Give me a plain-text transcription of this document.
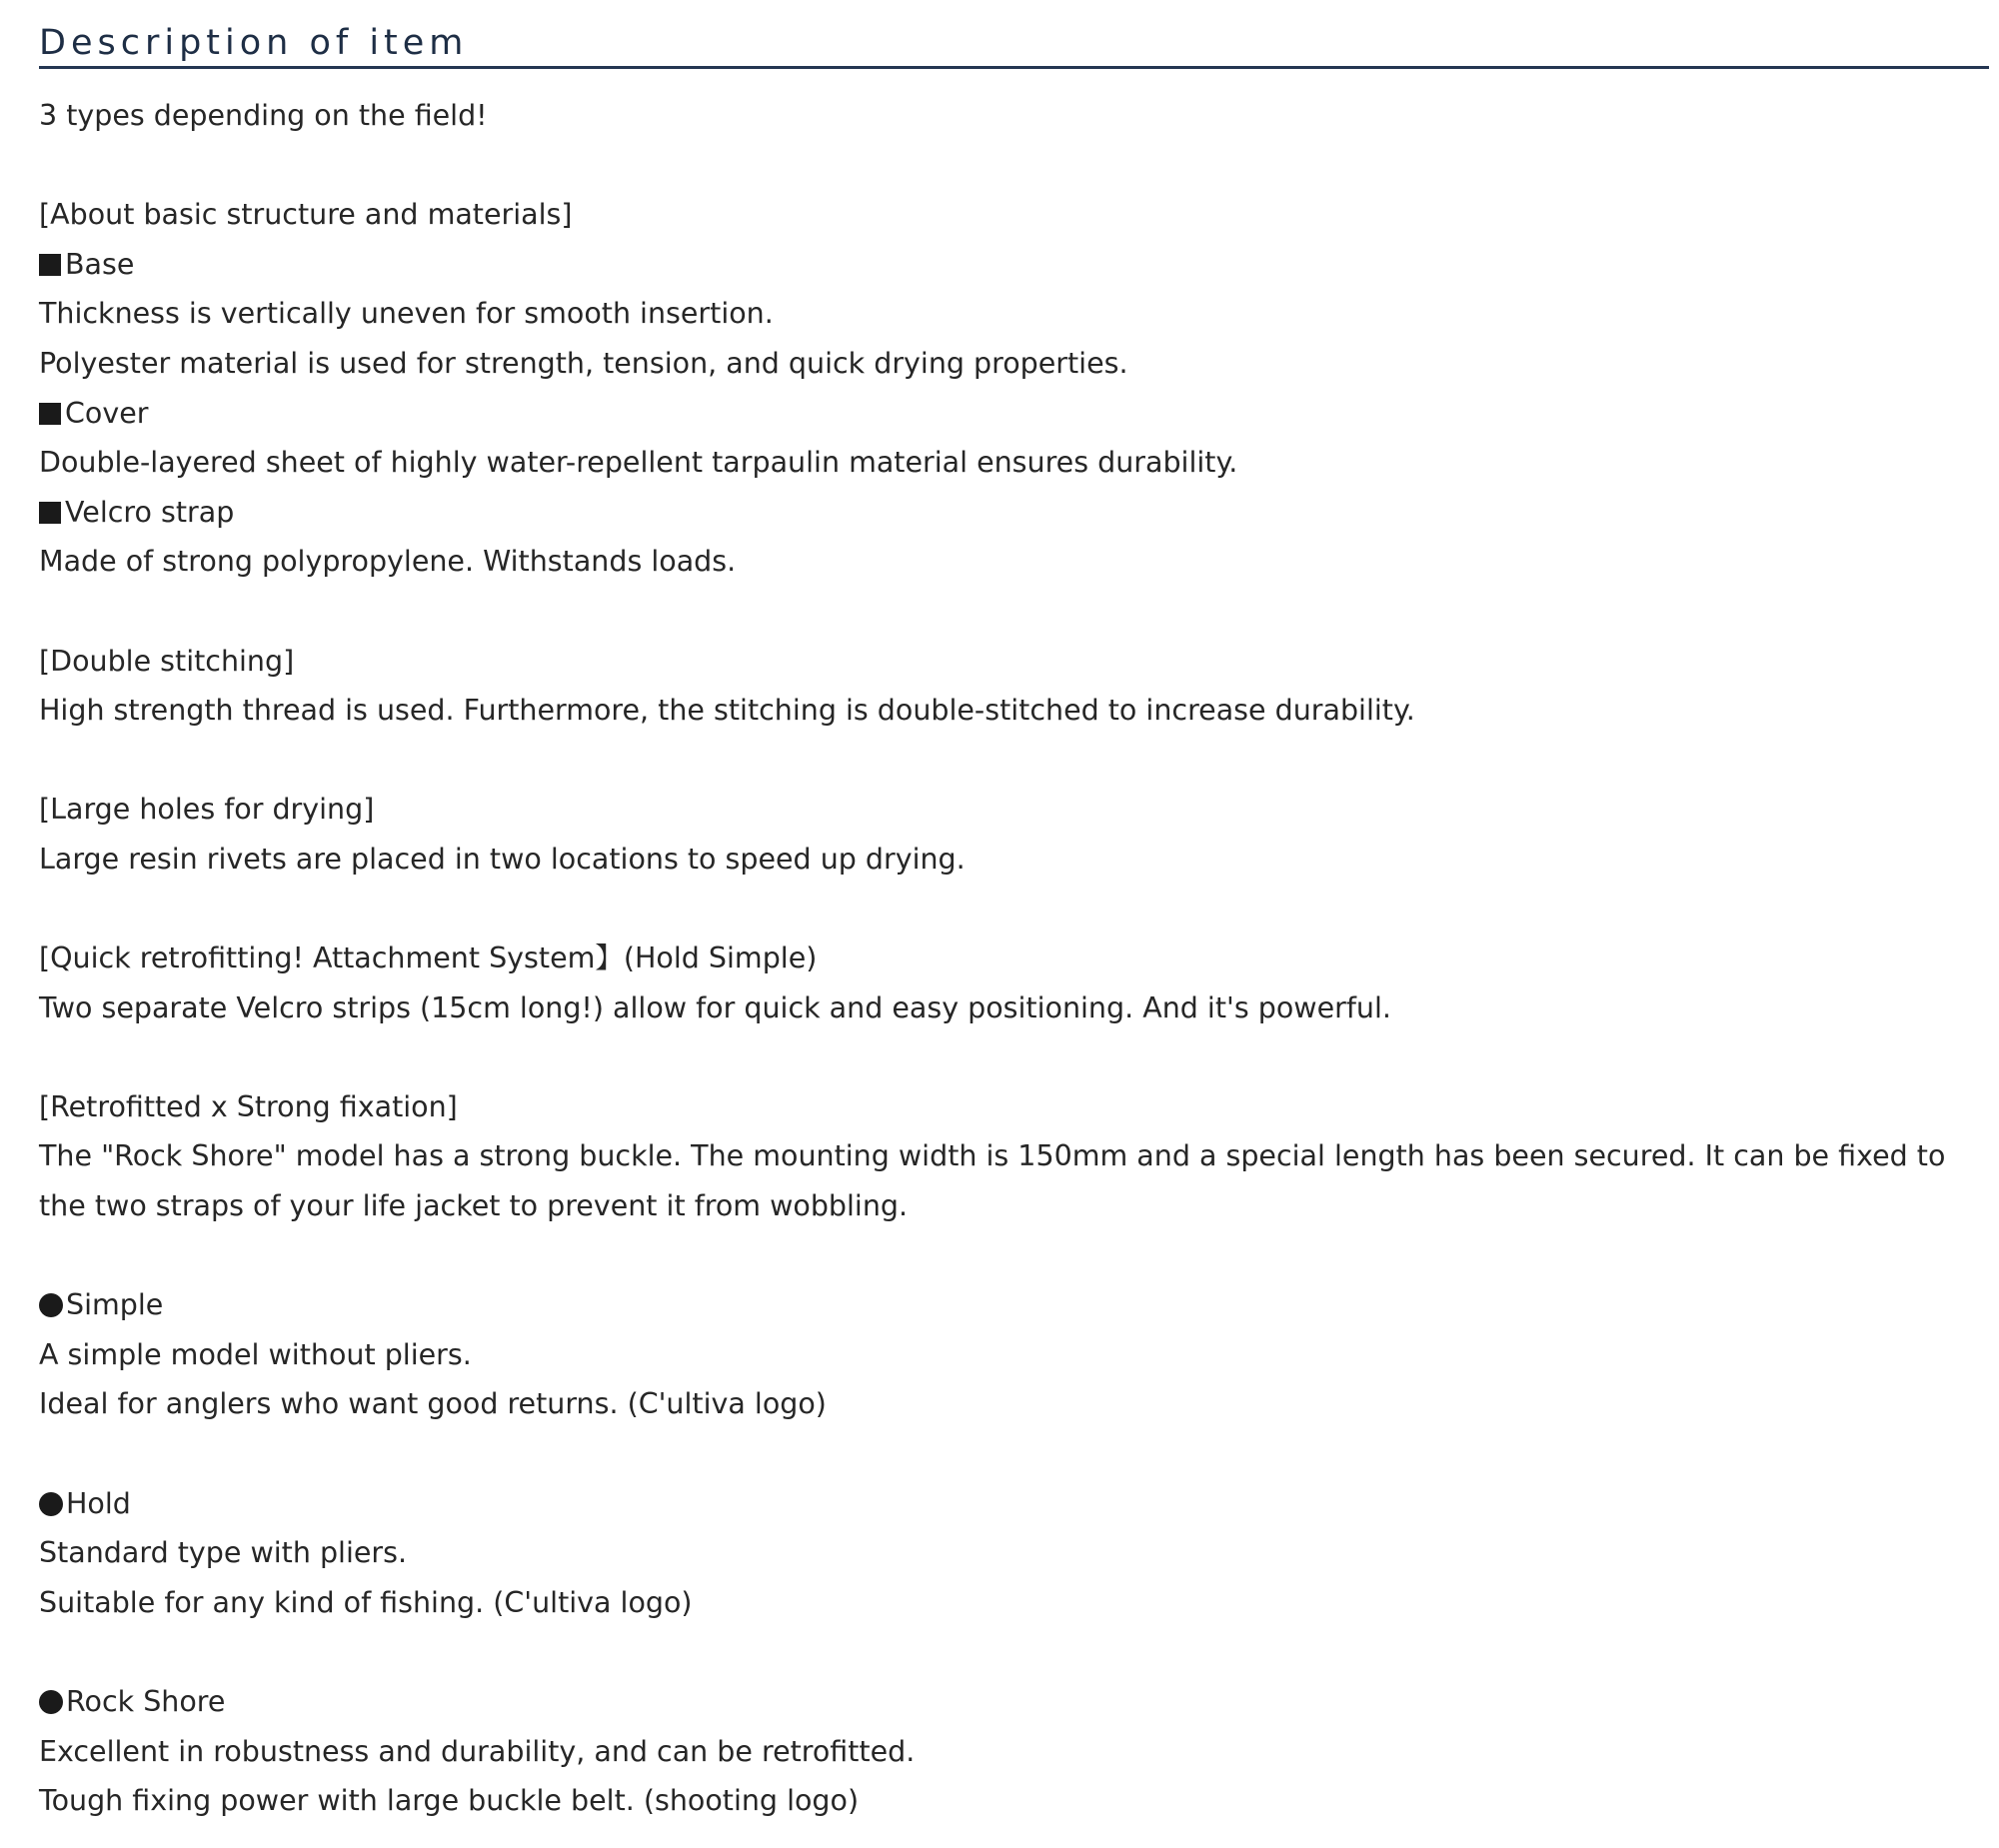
Description of item
3 types depending on the field!
[About basic structure and materials]
Base
Thickness is vertically uneven for smooth insertion.
Polyester material is used for strength, tension, and quick drying properties.
Cover
Double-layered sheet of highly water-repellent tarpaulin material ensures durability.
Velcro strap
Made of strong polypropylene. Withstands loads.
[Double stitching]
High strength thread is used. Furthermore, the stitching is double-stitched to increase durability.
[Large holes for drying]
Large resin rivets are placed in two locations to speed up drying.
[Quick retrofitting! Attachment System】(Hold Simple)
Two separate Velcro strips (15cm long!) allow for quick and easy positioning. And it's powerful.
[Retrofitted x Strong fixation]
The "Rock Shore" model has a strong buckle. The mounting width is 150mm and a special length has been secured. It can be fixed to the two straps of your life jacket to prevent it from wobbling.
Simple
A simple model without pliers.
Ideal for anglers who want good returns. (C'ultiva logo)
Hold
Standard type with pliers.
Suitable for any kind of fishing. (C'ultiva logo)
Rock Shore
Excellent in robustness and durability, and can be retrofitted.
Tough fixing power with large buckle belt. (shooting logo)
